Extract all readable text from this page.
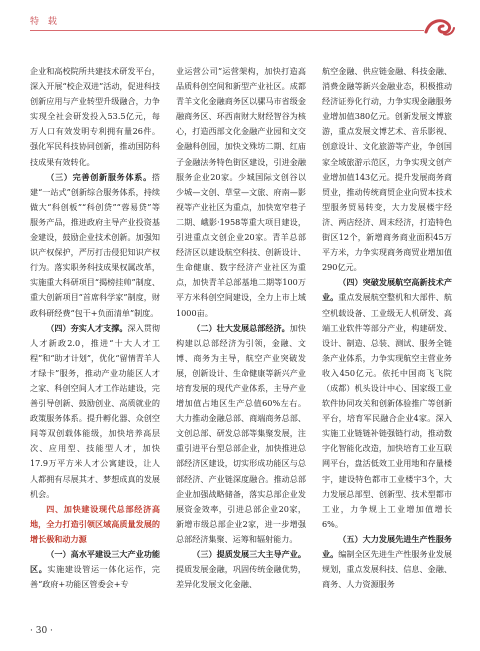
特 载

企业和高校院所共建技术研发平台，深入开展“校企双进”活动，促进科技创新应用与产业转型升级融合，力争实现全社会研发投入53.5亿元，每万人口有效发明专利拥有量26件。强化军民科技协同创新，推动国防科技成果有效转化。

（三）完善创新服务体系。搭建“一站式”创新综合服务体系，持续做大“科创板”“科创贷”“蓉易贷”等服务产品，推进政府主导产业投资基金建设，鼓励企业技术创新。加强知识产权保护，严厉打击侵犯知识产权行为。落实职务科技成果权属改革，实施重大科研项目“揭榜挂帅”制度、重大创新项目“首席科学家”制度，财政科研经费“包干+负面清单”制度。

（四）夯实人才支撑。深入贯彻人才新政2.0，推进“十大人才工程”和“助才计划”，优化“留情青羊人才绿卡”服务，推动产业功能区人才之家、科创空间人才工作站建设，完善引导创新、鼓励创业、高质就业的政策服务体系。提升孵化器、众创空间等双创载体能级，加快培养高层次、应用型、技能型人才，加快17.9万平方米人才公寓建设，让人人都拥有尽展其才、梦想成真的发展机会。

四、加快建设现代总部经济高地，全力打造引领区域高质量发展的增长极和动力源

（一）高水平建设三大产业功能区。实施建设管运一体化运作，完善“政府+功能区管委会+专

业运营公司”运营架构，加快打造高品质科创空间和新型产业社区。成都青羊文化金融商务区以骡马市省级金融商务区、环西南财大财经智谷为核心，打造西部文化金融产业园和文交金融科创园，加快文殊坊二期、红庙子金融法务特色街区建设，引进金融服务企业20家。少城国际文创谷以少城—文创、草堂—文旅、府南—影视等产业社区为重点，加快宽窄巷子二期、峨影·1958等重大项目建设，引进重点文创企业20家。青羊总部经济区以建设航空科技、创新设计、生命健康、数字经济产业社区为重点，加快青羊总部基地二期等100万平方米科创空间建设，全力上市上域1000亩。

（二）壮大发展总部经济。加快构建以总部经济为引领，金融、文博、商务为主导，航空产业突破发展，创新设计、生命健康等新兴产业培育发展的现代产业体系，主导产业增加值占地区生产总值60%左右。大力推动金融总部、商端商务总部、文创总部、研发总部等集聚发展，注重引进平台型总部企业，加快推进总部经济区建设，切实形成功能区与总部经济、产业链深度融合。推动总部企业加强战略储备，落实总部企业发展资金效率，引进总部企业20家，新增市级总部企业2家，进一步增强总部经济集聚、运筹和辐射能力。

（三）提质发展三大主导产业。提质发展金融，巩固传统金融优势，差异化发展文化金融、

航空金融、供应链金融、科技金融、消费金融等新兴金融业态，积极推动经济证券化行动，力争实现金融服务业增加值380亿元。创新发展文博旅游，重点发展文博艺术、音乐影视、创意设计、文化旅游等产业，争创国家全域旅游示范区，力争实现文创产业增加值143亿元。提升发展商务商贸业，推动传统商贸企业向贸本技术型服务贸易转变，大力发展楼宇经济、两店经济、周末经济，打造特色街区12个，新增商务商业面积45万平方米，力争实现商务商贸业增加值290亿元。

（四）突破发展航空高新技术产业。重点发展航空整机和大部件、航空机载设备、工业级无人机研发、高端工业软件等部分产业，构建研发、设计、制造、总装、测试、服务全链条产业体系，力争实现航空主营业务收入450亿元。依托中国商飞飞院（成都）机头设计中心、国家级工业软件协同攻关和创新体验推广等创新平台，培育军民融合企业4家。深入实施工业链链补链强链行动，推动数字化智能化改造，加快培育工业互联网平台，盘活低效工业用地和存量楼宇，建设特色都市工业楼宇3个，大力发展总部型、创新型、技术型都市工业，力争规上工业增加值增长6%。

（五）大力发展先进生产性服务业。编制全区先进生产性服务业发展规划，重点发展科技、信息、金融、商务、人力资源服务

· 30 ·
